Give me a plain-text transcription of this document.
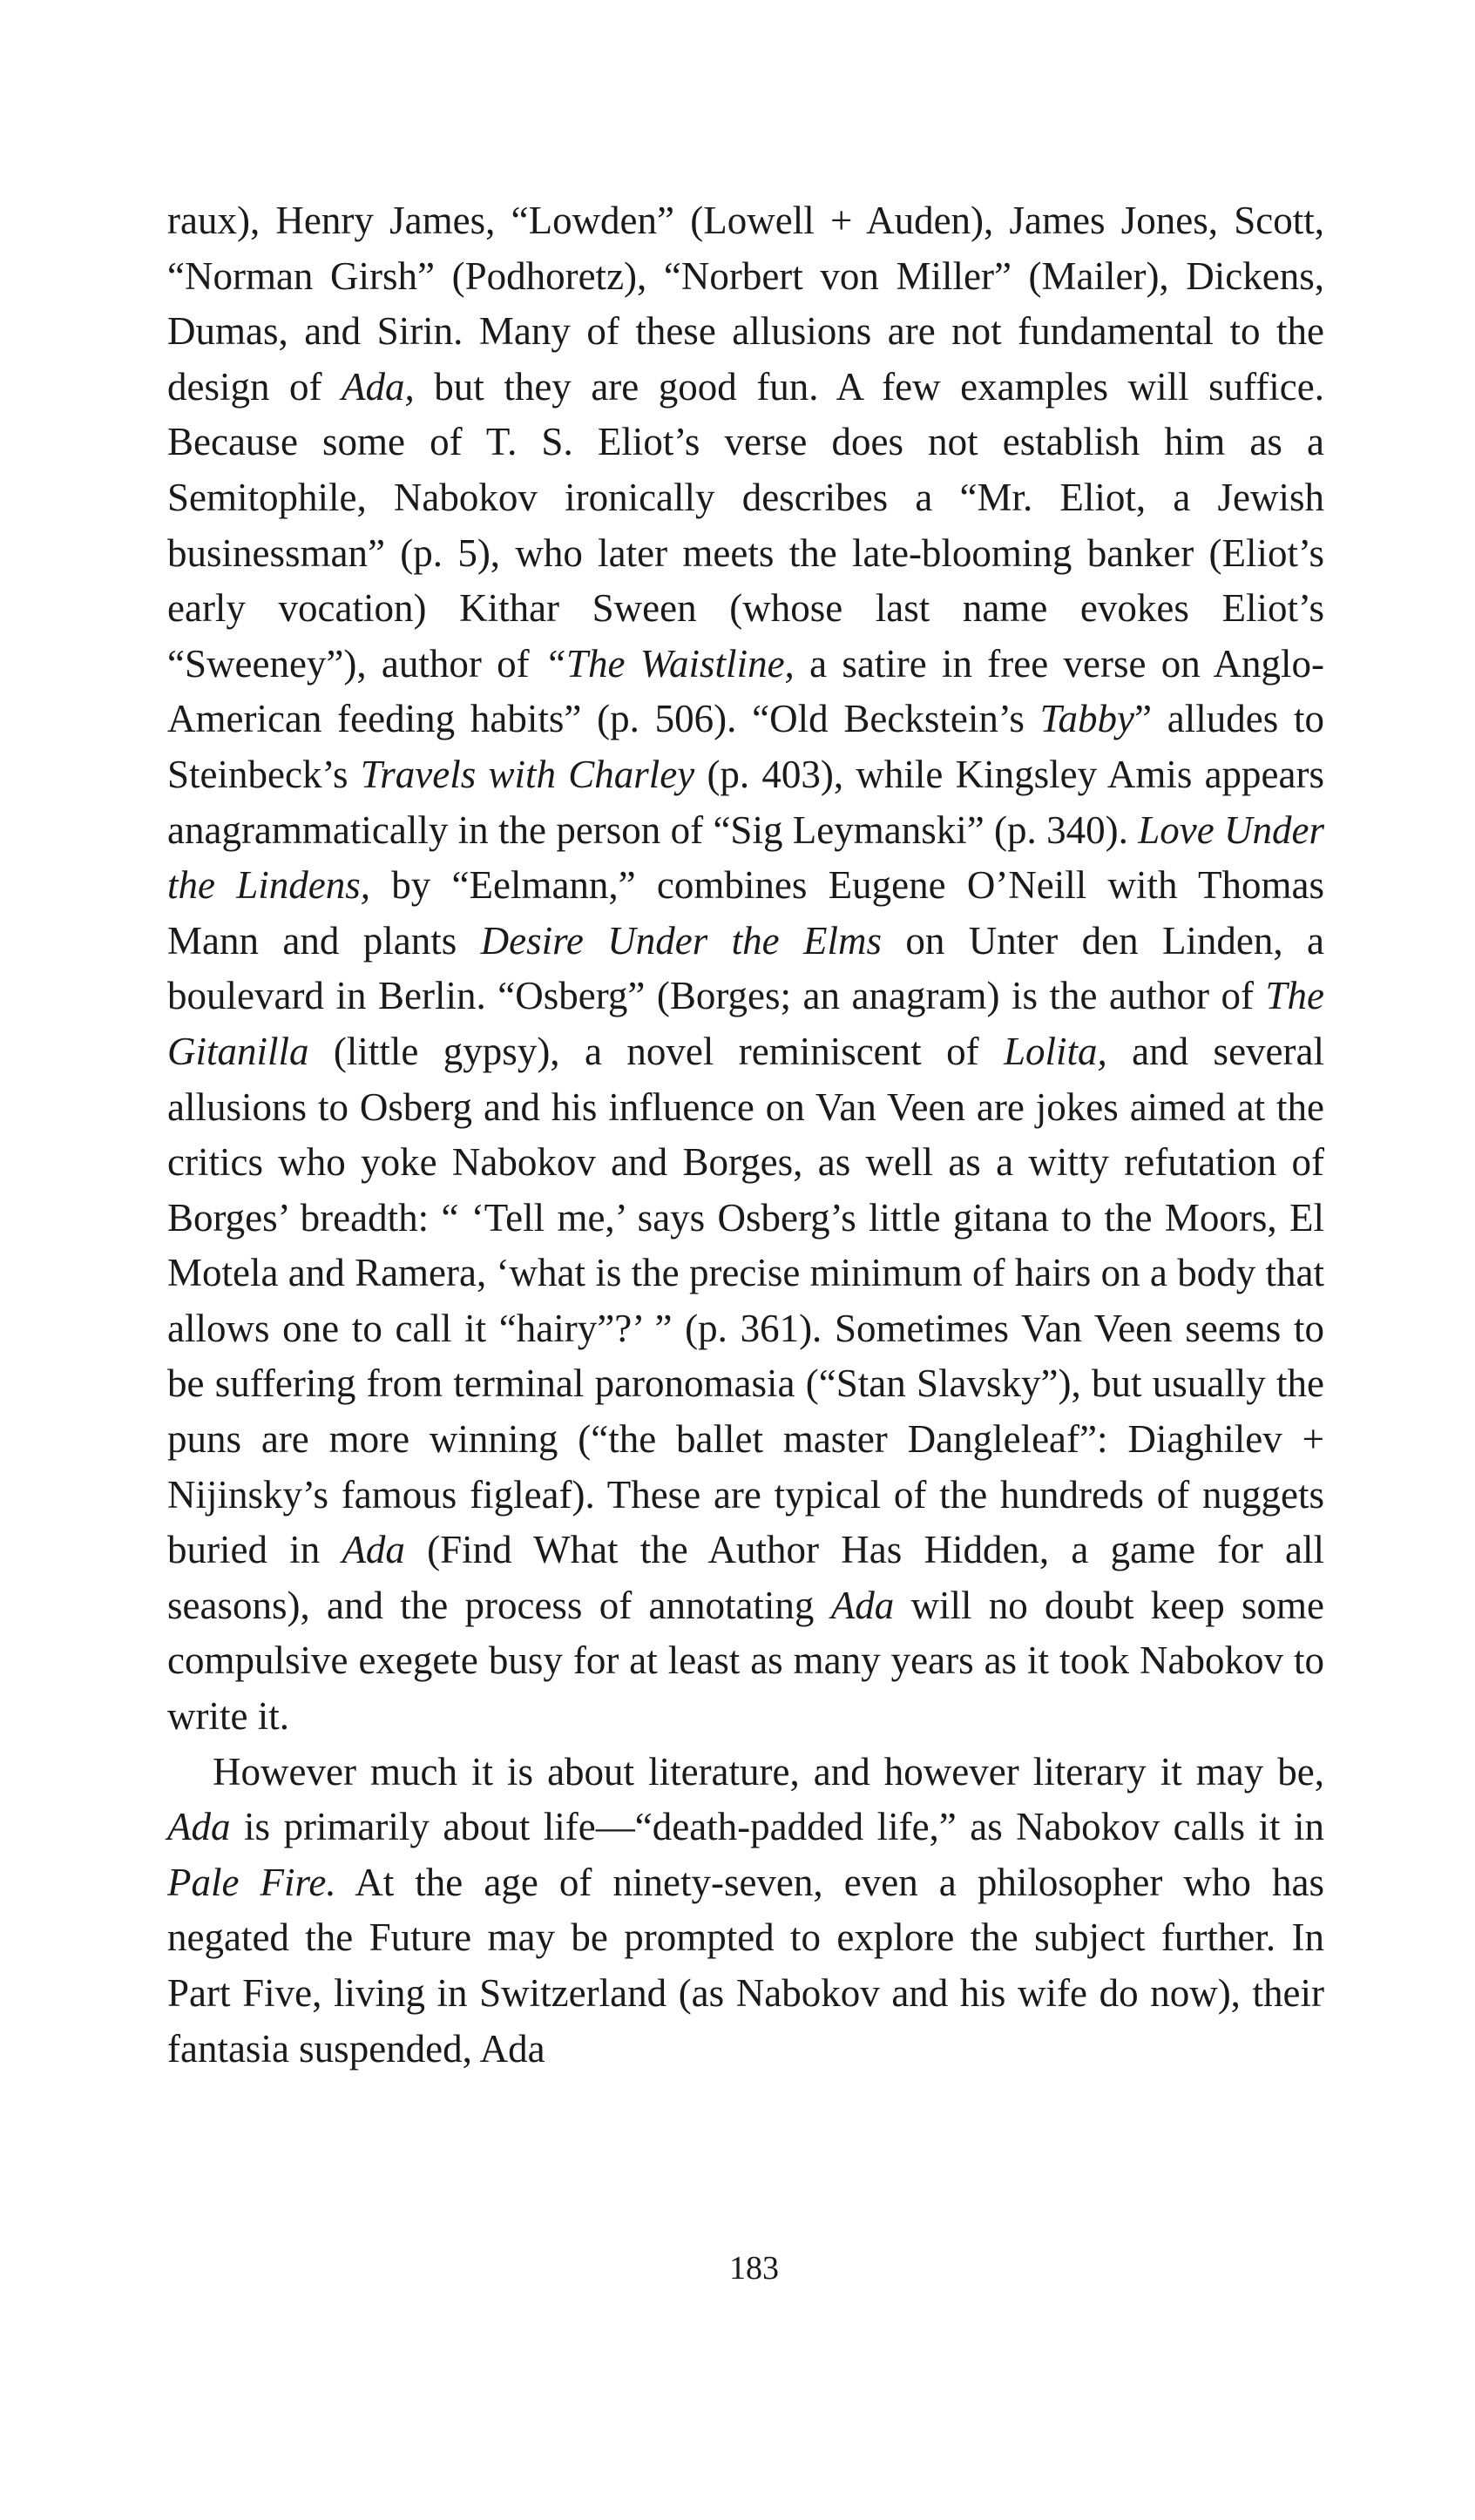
raux), Henry James, “Lowden” (Lowell + Auden), James Jones, Scott, “Norman Girsh” (Podhoretz), “Norbert von Miller” (Mailer), Dickens, Dumas, and Sirin. Many of these allusions are not fundamental to the design of Ada, but they are good fun. A few examples will suffice. Because some of T. S. Eliot’s verse does not establish him as a Semitophile, Nabokov ironically describes a “Mr. Eliot, a Jewish businessman” (p. 5), who later meets the late-blooming banker (Eliot’s early vocation) Kithar Sween (whose last name evokes Eliot’s “Sweeney”), author of “The Waistline, a satire in free verse on Anglo-American feeding habits” (p. 506). “Old Beckstein’s Tabby” alludes to Steinbeck’s Travels with Charley (p. 403), while Kingsley Amis appears anagrammatically in the person of “Sig Leymanski” (p. 340). Love Under the Lindens, by “Eelmann,” combines Eugene O’Neill with Thomas Mann and plants Desire Under the Elms on Unter den Linden, a boulevard in Berlin. “Osberg” (Borges; an anagram) is the author of The Gitanilla (little gypsy), a novel reminiscent of Lolita, and several allusions to Osberg and his influence on Van Veen are jokes aimed at the critics who yoke Nabokov and Borges, as well as a witty refutation of Borges’ breadth: “ ‘Tell me,’ says Osberg’s little gitana to the Moors, El Motela and Ramera, ‘what is the precise minimum of hairs on a body that allows one to call it “hairy”?’ ” (p. 361). Sometimes Van Veen seems to be suffering from terminal paronomasia (“Stan Slavsky”), but usually the puns are more winning (“the ballet master Dangleleaf”: Diaghilev + Nijinsky’s famous figleaf). These are typical of the hundreds of nuggets buried in Ada (Find What the Author Has Hidden, a game for all seasons), and the process of annotating Ada will no doubt keep some compulsive exegete busy for at least as many years as it took Nabokov to write it.

However much it is about literature, and however literary it may be, Ada is primarily about life—“death-padded life,” as Nabokov calls it in Pale Fire. At the age of ninety-seven, even a philosopher who has negated the Future may be prompted to explore the subject further. In Part Five, living in Switzerland (as Nabokov and his wife do now), their fantasia suspended, Ada

183
